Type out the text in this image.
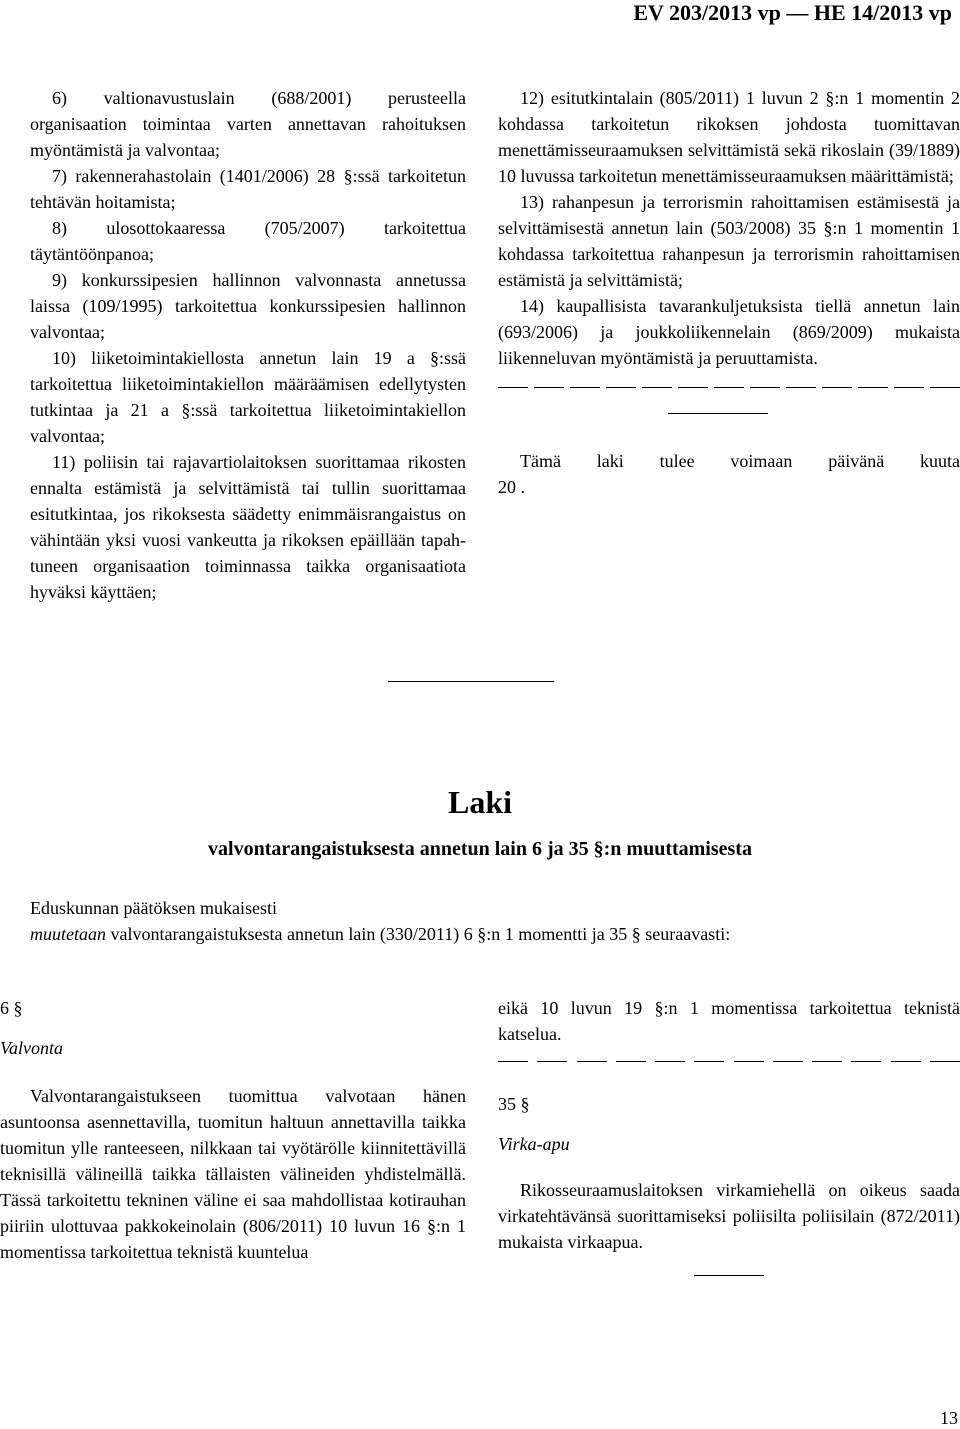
EV 203/2013 vp — HE 14/2013 vp

6) valtionavustuslain (688/2001) perusteella organisaation toimintaa varten annettavan rahoituksen myöntämistä ja valvontaa;

7) rakennerahastolain (1401/2006) 28 §:ssä tarkoitetun tehtävän hoitamista;

8) ulosottokaaressa (705/2007) tarkoitettua täytäntöönpanoa;

9) konkurssipesien hallinnon valvonnasta annetussa laissa (109/1995) tarkoitettua konkurssipesien hallinnon valvontaa;

10) liiketoimintakiellosta annetun lain 19 a §:ssä tarkoitettua liiketoimintakiellon määräämisen edellytysten tutkintaa ja 21 a §:ssä tarkoitettua liiketoimintakiellon valvontaa;

11) poliisin tai rajavartiolaitoksen suorittamaa rikosten ennalta estämistä ja selvittämistä tai tullin suorittamaa esitutkintaa, jos rikoksesta säädetty enimmäisrangaistus on vähintään yksi vuosi vankeutta ja rikoksen epäillään tapahtuneen organisaation toiminnassa taikka organisaatiota hyväksi käyttäen;

12) esitutkintalain (805/2011) 1 luvun 2 §:n 1 momentin 2 kohdassa tarkoitetun rikoksen johdosta tuomittavan menettämisseuraamuksen selvittämistä sekä rikoslain (39/1889) 10 luvussa tarkoitetun menettämisseuraamuksen määrittämistä;

13) rahanpesun ja terrorismin rahoittamisen estämisestä ja selvittämisestä annetun lain (503/2008) 35 §:n 1 momentin 1 kohdassa tarkoitettua rahanpesun ja terrorismin rahoittamisen estämistä ja selvittämistä;

14) kaupallisista tavarankuljetuksista tiellä annetun lain (693/2006) ja joukkoliikennelain (869/2009) mukaista liikenneluvan myöntämistä ja peruuttamista.

Tämä laki tulee voimaan päivänä kuuta

20 .

Laki
valvontarangaistuksesta annetun lain 6 ja 35 §:n muuttamisesta

Eduskunnan päätöksen mukaisesti

muutetaan valvontarangaistuksesta annetun lain (330/2011) 6 §:n 1 momentti ja 35 § seuraavasti:

6 §

Valvonta

Valvontarangaistukseen tuomittua valvotaan hänen asuntoonsa asennettavilla, tuomitun haltuun annettavilla taikka tuomitun ylle ranteeseen, nilkkaan tai vyötärölle kiinnitettävillä teknisillä välineillä taikka tällaisten välineiden yhdistelmällä. Tässä tarkoitettu tekninen väline ei saa mahdollistaa kotirauhan piiriin ulottuvaa pakkokeinolain (806/2011) 10 luvun 16 §:n 1 momentissa tarkoitettua teknistä kuuntelua

eikä 10 luvun 19 §:n 1 momentissa tarkoitettua teknistä katselua.

35 §

Virka-apu

Rikosseuraamuslaitoksen virkamiehellä on oikeus saada virkatehtävänsä suorittamiseksi poliisilta poliisilain (872/2011) mukaista virkaapua.

13
